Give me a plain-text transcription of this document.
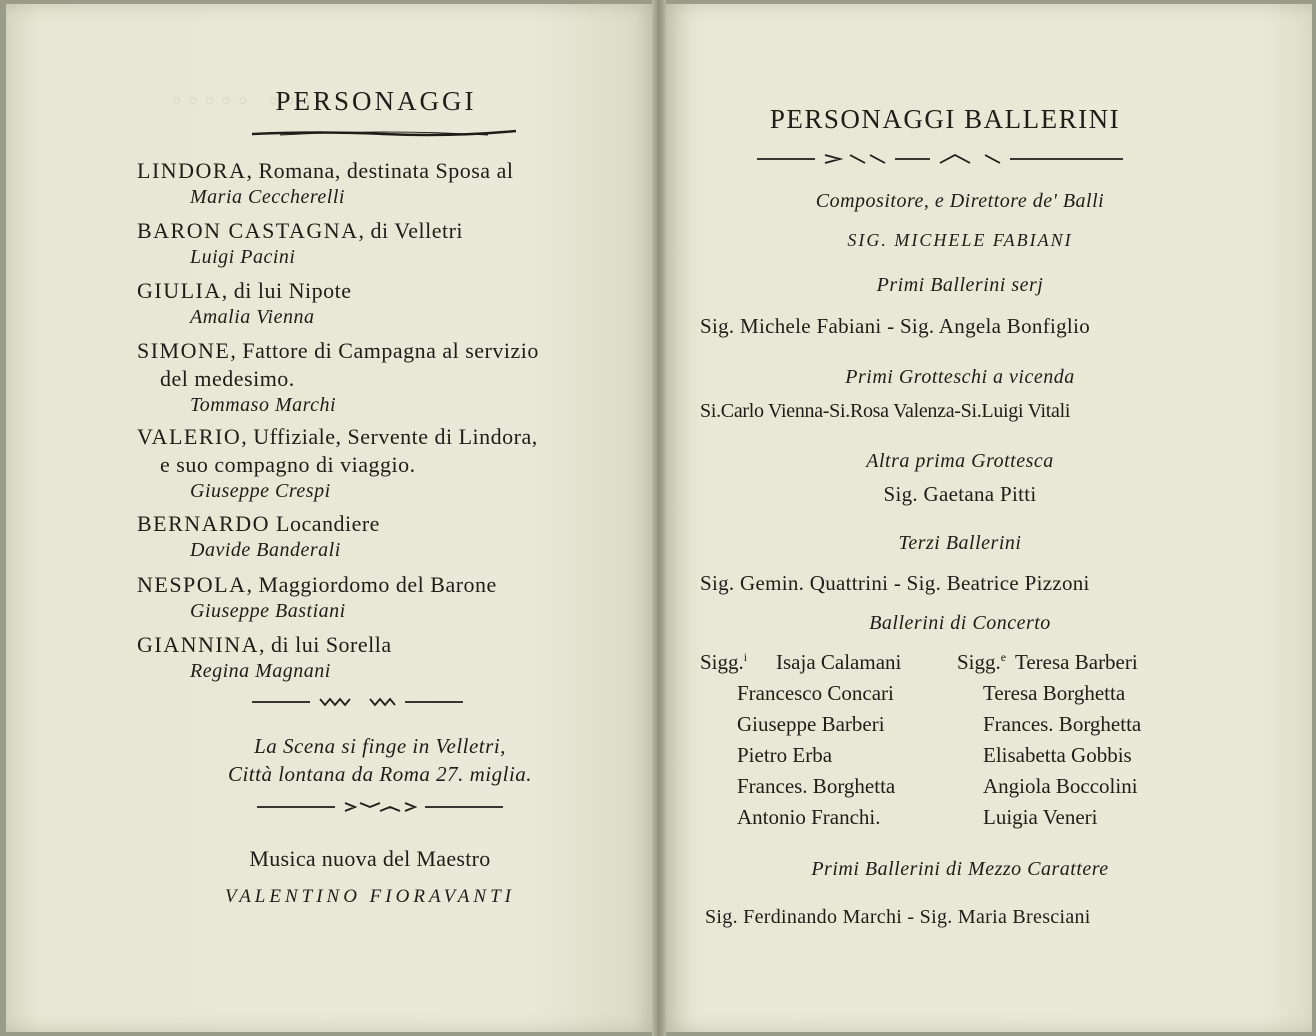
◦◦◦◦ ◦◦◦◦◦
PERSONAGGI
LINDORA, Romana, destinata Sposa al
Maria Ceccherelli
BARON CASTAGNA, di Velletri
Luigi Pacini
GIULIA, di lui Nipote
Amalia Vienna
SIMONE, Fattore di Campagna al servizio
del medesimo.
Tommaso Marchi
VALERIO, Uffiziale, Servente di Lindora,
e suo compagno di viaggio.
Giuseppe Crespi
BERNARDO Locandiere
Davide Banderali
NESPOLA, Maggiordomo del Barone
Giuseppe Bastiani
GIANNINA, di lui Sorella
Regina Magnani
La Scena si finge in Velletri,
Città lontana da Roma 27. miglia.
Musica nuova del Maestro
VALENTINO FIORAVANTI
PERSONAGGI BALLERINI
Compositore, e Direttore de' Balli
SIG. MICHELE FABIANI
Primi Ballerini serj
Sig. Michele Fabiani - Sig. Angela Bonfiglio
Primi Grotteschi a vicenda
Si.Carlo Vienna-Si.Rosa Valenza-Si.Luigi Vitali
Altra prima Grottesca
Sig. Gaetana Pitti
Terzi Ballerini
Sig. Gemin. Quattrini - Sig. Beatrice Pizzoni
Ballerini di Concerto
Sigg.$^i$	Sigg.$^e$
Isaja Calamani
Francesco Concari
Giuseppe Barberi
Pietro Erba
Frances. Borghetta
Antonio Franchi.
Teresa Barberi
Teresa Borghetta
Frances. Borghetta
Elisabetta Gobbis
Angiola Boccolini
Luigia Veneri
Primi Ballerini di Mezzo Carattere
Sig. Ferdinando Marchi - Sig. Maria Bresciani
